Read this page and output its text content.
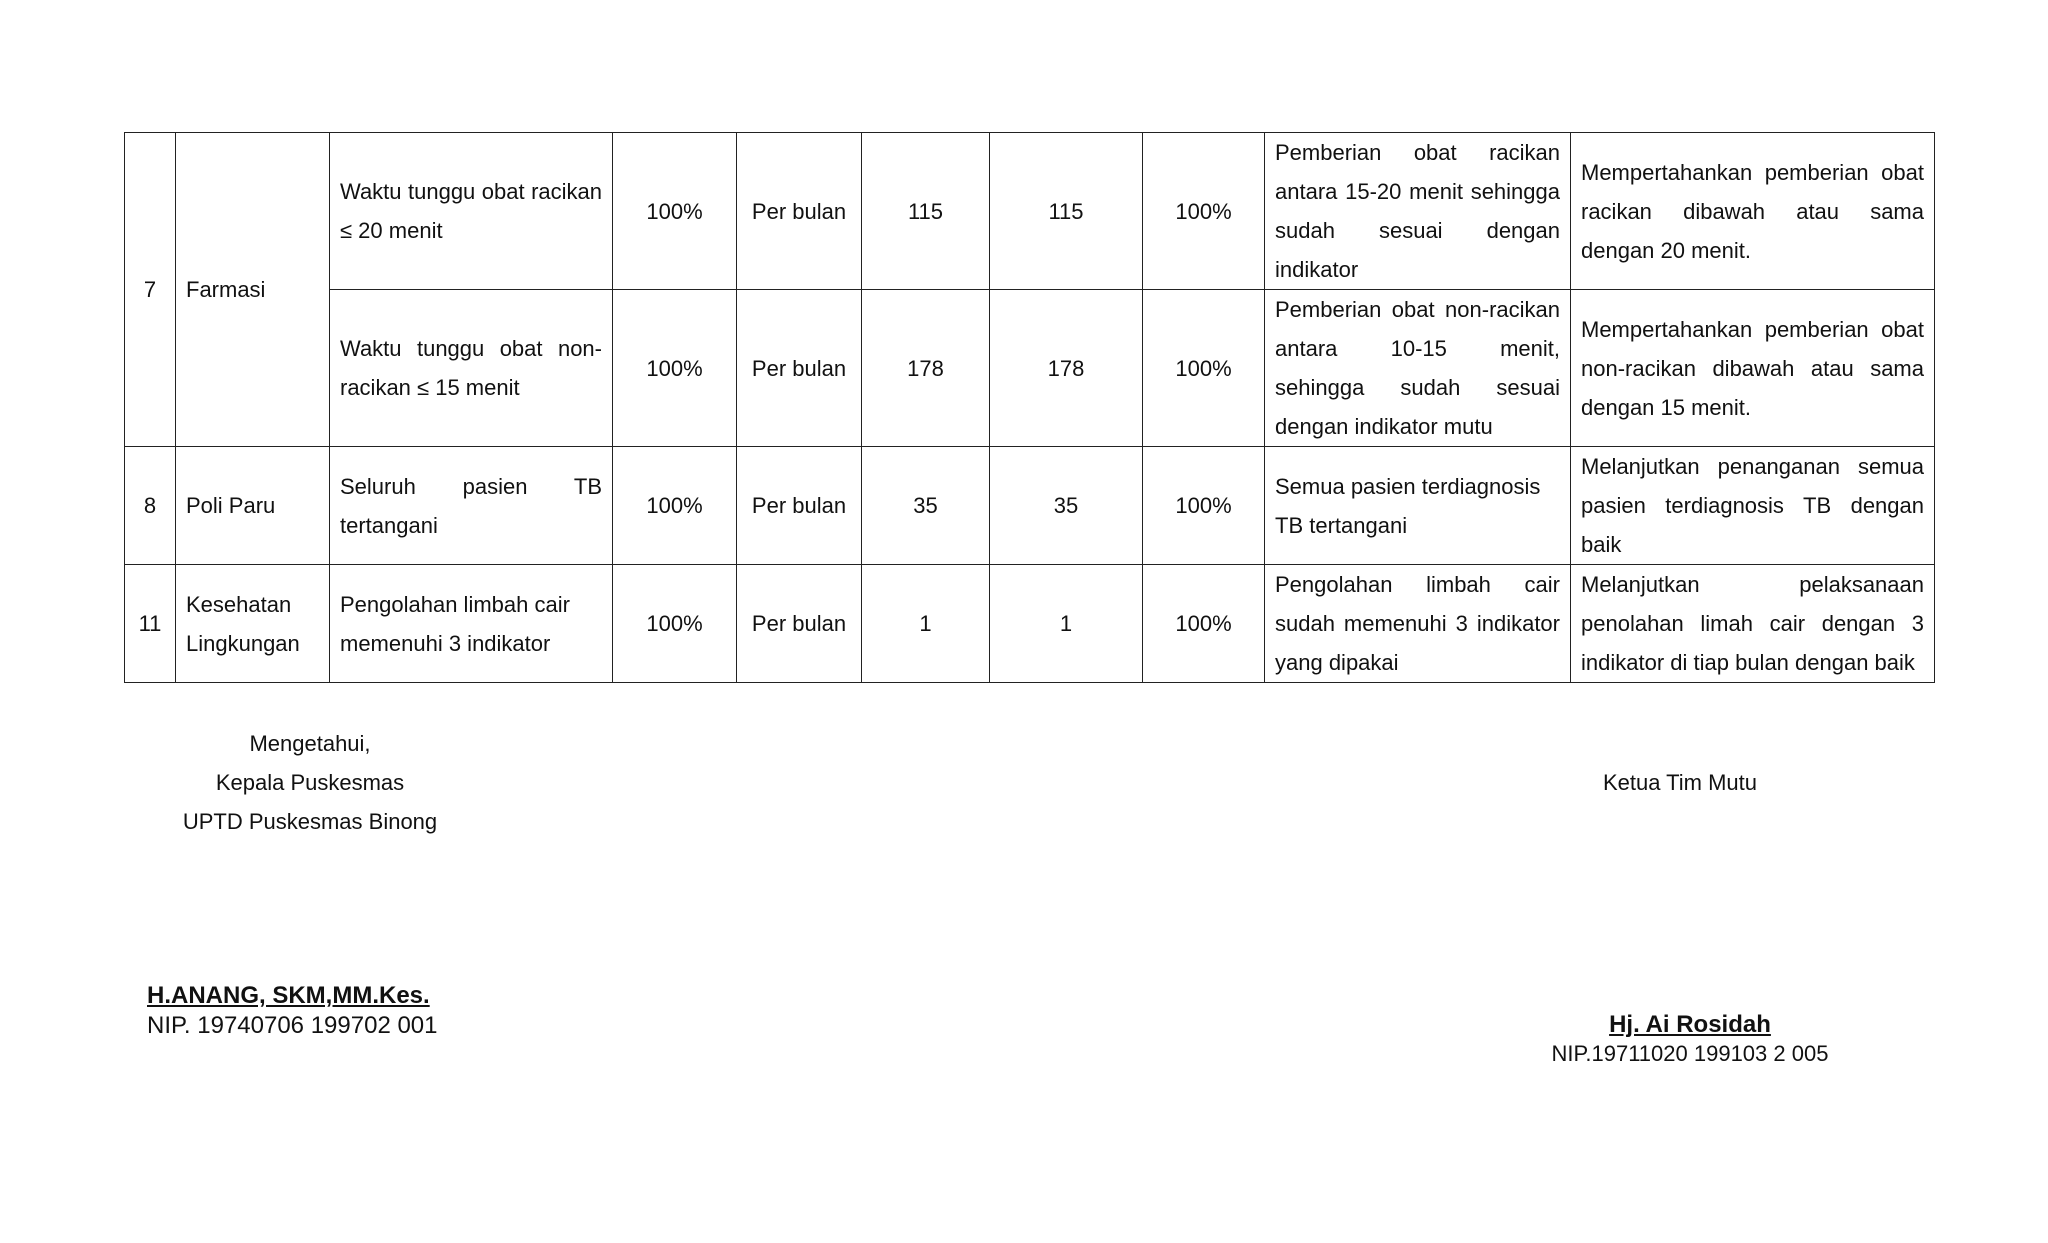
7	Farmasi	Waktu tunggu obat racikan ≤ 20 menit	100%	Per bulan	115	115	100%	Pemberian obat racikan antara 15-20 menit sehingga sudah sesuai dengan indikator	Mempertahankan pemberian obat racikan dibawah atau sama dengan 20 menit.
		Waktu tunggu obat non-racikan ≤ 15 menit	100%	Per bulan	178	178	100%	Pemberian obat non-racikan antara 10-15 menit, sehingga sudah sesuai dengan indikator mutu	Mempertahankan pemberian obat non-racikan dibawah atau sama dengan 15 menit.
8	Poli Paru	Seluruh pasien TB tertangani	100%	Per bulan	35	35	100%	Semua pasien terdiagnosis TB tertangani	Melanjutkan penanganan semua pasien terdiagnosis TB dengan baik
11	Kesehatan Lingkungan	Pengolahan limbah cair memenuhi 3 indikator	100%	Per bulan	1	1	100%	Pengolahan limbah cair sudah memenuhi 3 indikator yang dipakai	Melanjutkan pelaksanaan penolahan limah cair dengan 3 indikator di tiap bulan dengan baik
Mengetahui,
Kepala Puskesmas
UPTD Puskesmas Binong
Ketua Tim Mutu
H.ANANG, SKM,MM.Kes.
NIP. 19740706 199702 001	Hj. Ai Rosidah
NIP.19711020 199103 2 005
